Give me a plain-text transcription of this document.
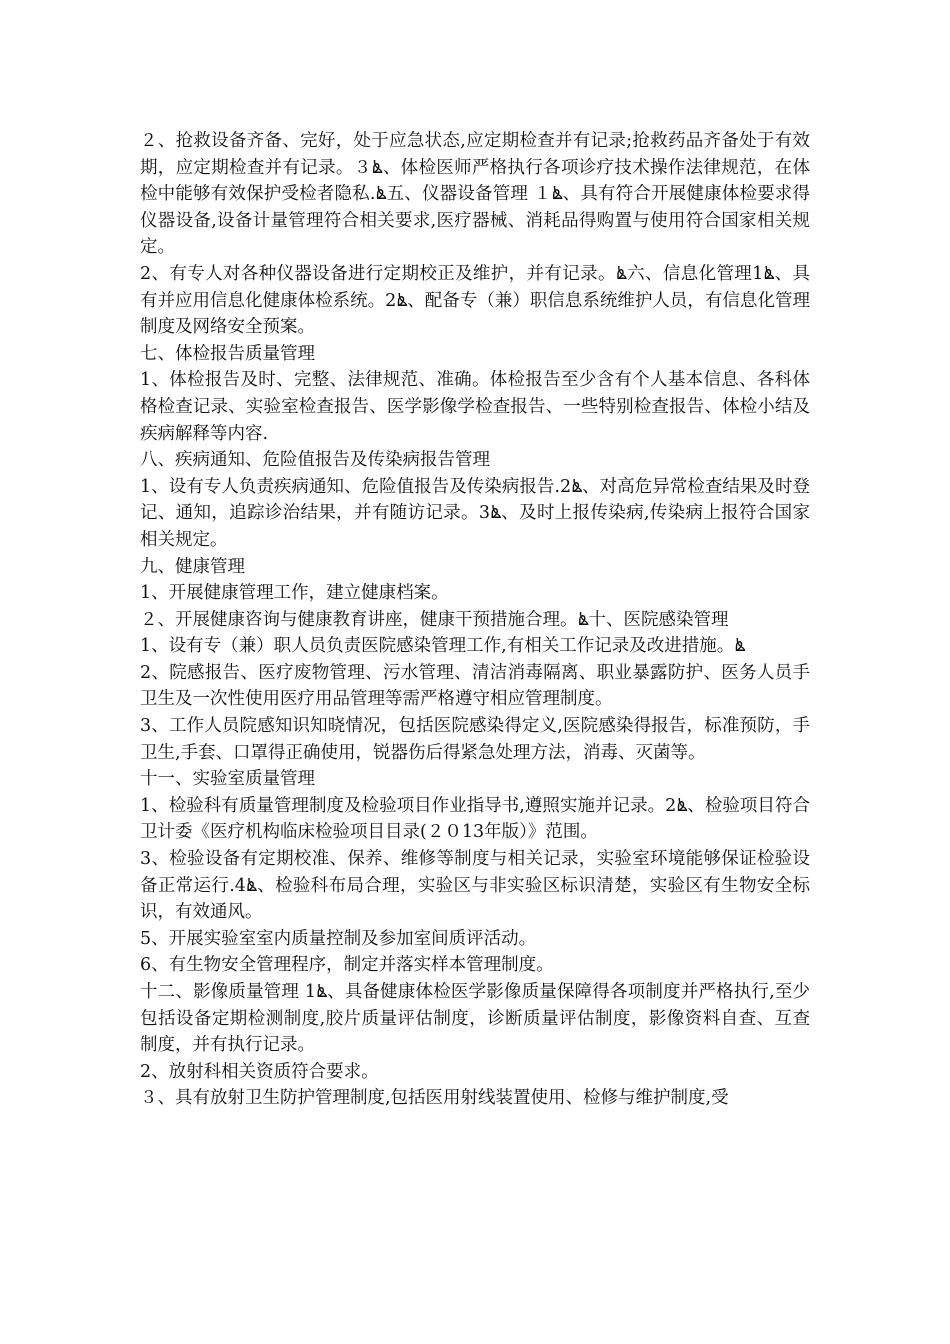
２、抢救设备齐备、完好，处于应急状态,应定期检查并有记录;抢救药品齐备处于有效期，应定期检查并有记录。３ൔ、体检医师严格执行各项诊疗技术操作法律规范，在体检中能够有效保护受检者隐私.ൔ五、仪器设备管理 １ൔ、具有符合开展健康体检要求得仪器设备,设备计量管理符合相关要求,医疗器械、消耗品得购置与使用符合国家相关规定。

2、有专人对各种仪器设备进行定期校正及维护，并有记录。ൔ六、信息化管理1ൔ、具有并应用信息化健康体检系统。2ൔ、配备专（兼）职信息系统维护人员，有信息化管理制度及网络安全预案。

七、体检报告质量管理

1、体检报告及时、完整、法律规范、准确。体检报告至少含有个人基本信息、各科体格检查记录、实验室检查报告、医学影像学检查报告、一些特别检查报告、体检小结及疾病解释等内容.

八、疾病通知、危险值报告及传染病报告管理

1、设有专人负责疾病通知、危险值报告及传染病报告.2ൔ、对高危异常检查结果及时登记、通知，追踪诊治结果，并有随访记录。3ൔ、及时上报传染病,传染病上报符合国家相关规定。

九、健康管理

1、开展健康管理工作，建立健康档案。

２、开展健康咨询与健康教育讲座，健康干预措施合理。ൔ十、医院感染管理

1、设有专（兼）职人员负责医院感染管理工作,有相关工作记录及改进措施。ൔ

2、院感报告、医疗废物管理、污水管理、清洁消毒隔离、职业暴露防护、医务人员手卫生及一次性使用医疗用品管理等需严格遵守相应管理制度。

3、工作人员院感知识知晓情况，包括医院感染得定义,医院感染得报告，标准预防，手卫生,手套、口罩得正确使用，锐器伤后得紧急处理方法，消毒、灭菌等。

十一、实验室质量管理

1、检验科有质量管理制度及检验项目作业指导书,遵照实施并记录。2ൔ、检验项目符合卫计委《医疗机构临床检验项目目录(２０13年版）》范围。

3、检验设备有定期校准、保养、维修等制度与相关记录，实验室环境能够保证检验设备正常运行.4ൔ、检验科布局合理，实验区与非实验区标识清楚，实验区有生物安全标识，有效通风。

5、开展实验室室内质量控制及参加室间质评活动。

6、有生物安全管理程序，制定并落实样本管理制度。

十二、影像质量管理 1ൔ、具备健康体检医学影像质量保障得各项制度并严格执行,至少包括设备定期检测制度,胶片质量评估制度，诊断质量评估制度，影像资料自查、互查制度，并有执行记录。

2、放射科相关资质符合要求。

３、具有放射卫生防护管理制度,包括医用射线装置使用、检修与维护制度,受
